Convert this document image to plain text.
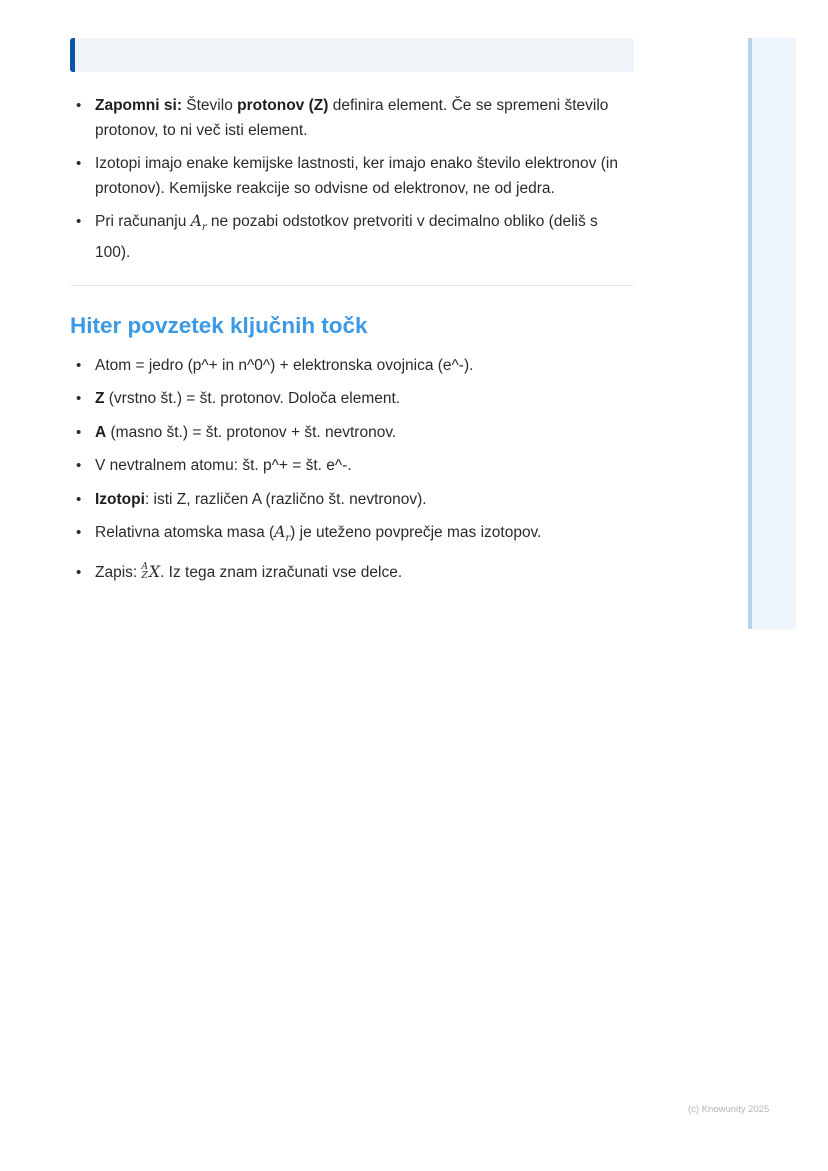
• Zapomni si: Število protonov (Z) definira element. Če se spremeni število protonov, to ni več isti element.
• Izotopi imajo enake kemijske lastnosti, ker imajo enako število elektronov (in protonov). Kemijske reakcije so odvisne od elektronov, ne od jedra.
• Pri računanju $A_r$ ne pozabi odstotkov pretvoriti v decimalno obliko (deliš s 100).
Hiter povzetek ključnih točk
• Atom = jedro (p^+ in n^0^) + elektronska ovojnica (e^-).
• Z (vrstno št.) = št. protonov. Določa element.
• A (masno št.) = št. protonov + št. nevtronov.
• V nevtralnem atomu: št. p^+ = št. e^-.
• Izotopi: isti Z, različen A (različno št. nevtronov).
• Relativna atomska masa $(A_r)$ je uteženo povprečje mas izotopov.
• Zapis: A
Z X. Iz tega znam izračunati vse delce.
(c) Knowunity 2025
